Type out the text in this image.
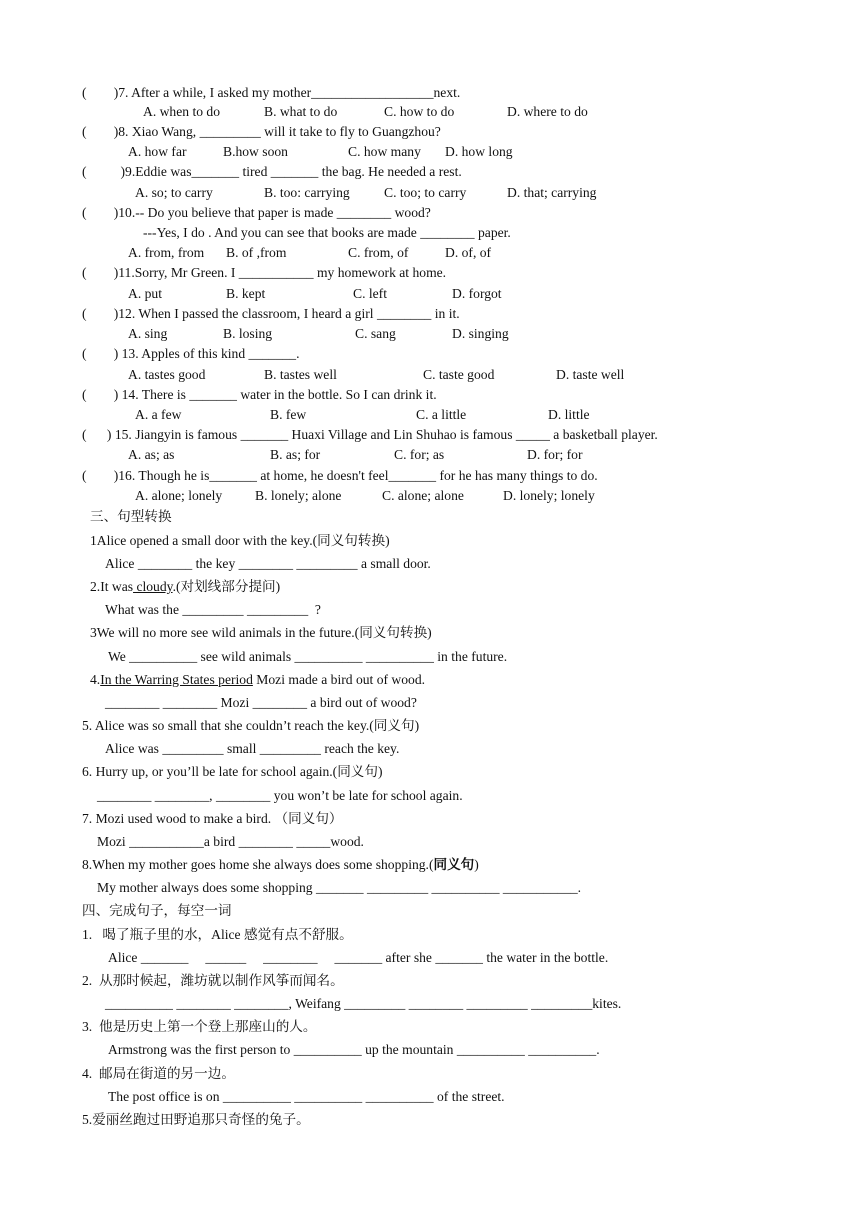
(        )7. After a while, I asked my mother__________________next.
A. when to do	B. what to do	C. how to do	D. where to do
(        )8. Xiao Wang, _________ will it take to fly to Guangzhou?
A. how far	B.how soon	C. how many D. how long
(          )9.Eddie was_______ tired _______ the bag. He needed a rest.
A. so; to carry	B. too: carrying	C. too; to carry	D. that; carrying
(        )10.-- Do you believe that paper is made ________ wood?
---Yes, I do . And you can see that books are made ________ paper.
A. from, from B. of ,from	C. from, of	D. of, of
(        )11.Sorry, Mr Green. I ___________ my homework at home.
A. put	B. kept	C. left	D. forgot
(        )12. When I passed the classroom, I heard a girl ________ in it.
A. sing	B. losing	C. sang	D. singing
(        ) 13. Apples of this kind _______.
A. tastes good	B. tastes well	C. taste good	D. taste well
(        ) 14. There is _______ water in the bottle. So I can drink it.
A. a few	B. few	C. a little	D. little
(      ) 15. Jiangyin is famous _______ Huaxi Village and Lin Shuhao is famous _____ a basketball player.
A. as; as	B. as; for	C. for; as	D. for; for
(        )16. Though he is_______ at home, he doesn't feel_______ for he has many things to do.
A. alone; lonely B. lonely; alone	C. alone; alone	D. lonely; lonely
三、句型转换
1Alice opened a small door with the key.(同义句转换)
Alice ________ the key ________ _________ a small door.
2.It was cloudy.(对划线部分提问)
What was the _________ _________  ?
3We will no more see wild animals in the future.(同义句转换)
We __________ see wild animals __________ __________ in the future.
4.In the Warring States period Mozi made a bird out of wood.
________ ________ Mozi ________ a bird out of wood?
5. Alice was so small that she couldn’t reach the key.(同义句)
Alice was _________ small _________ reach the key.
6. Hurry up, or you’ll be late for school again.(同义句)
________ ________, ________ you won’t be late for school again.
7. Mozi used wood to make a bird. （同义句）
Mozi ___________a bird ________ _____wood.
8.When my mother goes home she always does some shopping.(同义句)
My mother always does some shopping _______ _________ __________ ___________.
四、完成句子，每空一词
1.   喝了瓶子里的水，Alice 感觉有点不舒服。
Alice _______     ______     ________     _______ after she _______ the water in the bottle.
2.  从那时候起，潍坊就以制作风筝而闻名。
__________ ________ ________, Weifang _________ ________ _________ _________kites.
3.  他是历史上第一个登上那座山的人。
Armstrong was the first person to __________ up the mountain __________ __________.
4.  邮局在街道的另一边。
The post office is on __________ __________ __________ of the street.
5.爱丽丝跑过田野追那只奇怪的兔子。
